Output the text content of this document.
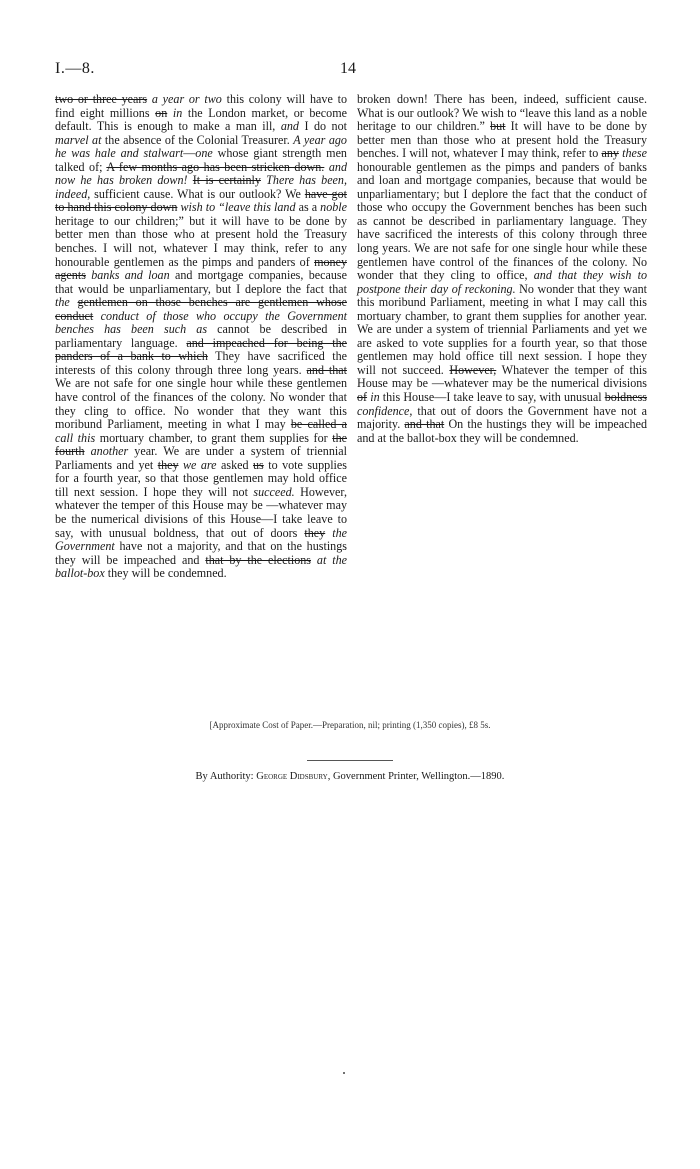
I.—8.	14

two or three years a year or two this colony will have to find eight millions on in the London market, or become default. This is enough to make a man ill, and I do not marvel at the absence of the Colonial Treasurer. A year ago he was hale and stalwart—one whose giant strength men talked of; A few months ago has been stricken down. and now he has broken down! It is certainly There has been, indeed, sufficient cause. What is our outlook? We have got to hand this colony down wish to “leave this land as a noble heritage to our children;” but it will have to be done by better men than those who at present hold the Treasury benches. I will not, whatever I may think, refer to any honourable gentlemen as the pimps and panders of money agents banks and loan and mortgage companies, because that would be unparliamentary, but I deplore the fact that the gentlemen on those benches are gentlemen whose conduct conduct of those who occupy the Government benches has been such as cannot be described in parliamentary language. and impeached for being the panders of a bank to which They have sacrificed the interests of this colony through three long years. and that We are not safe for one single hour while these gentlemen have control of the finances of the colony. No wonder that they cling to office. No wonder that they want this moribund Parliament, meeting in what I may be called a call this mortuary chamber, to grant them supplies for the fourth another year. We are under a system of triennial Parliaments and yet they we are asked us to vote supplies for a fourth year, so that those gentlemen may hold office till next session. I hope they will not succeed. However, whatever the temper of this House may be —whatever may be the numerical divisions of this House—I take leave to say, with unusual boldness, that out of doors they the Government have not a majority, and that on the hustings they will be impeached and that by the elections at the ballot-box they will be condemned.

broken down! There has been, indeed, sufficient cause. What is our outlook? We wish to “leave this land as a noble heritage to our children.” but It will have to be done by better men than those who at present hold the Treasury benches. I will not, whatever I may think, refer to any these honourable gentlemen as the pimps and panders of banks and loan and mortgage companies, because that would be unparliamentary; but I deplore the fact that the conduct of those who occupy the Government benches has been such as cannot be described in parliamentary language. They have sacrificed the interests of this colony through three long years. We are not safe for one single hour while these gentlemen have control of the finances of the colony. No wonder that they cling to office, and that they wish to postpone their day of reckoning. No wonder that they want this moribund Parliament, meeting in what I may call this mortuary chamber, to grant them supplies for another year. We are under a system of triennial Parliaments and yet we are asked to vote supplies for a fourth year, so that those gentlemen may hold office till next session. I hope they will not succeed. However, Whatever the temper of this House may be —whatever may be the numerical divisions of in this House—I take leave to say, with unusual boldness confidence, that out of doors the Government have not a majority. and that On the hustings they will be impeached and at the ballot-box they will be condemned.

[Approximate Cost of Paper.—Preparation, nil; printing (1,350 copies), £8 5s.
By Authority: George Didsbury, Government Printer, Wellington.—1890.
